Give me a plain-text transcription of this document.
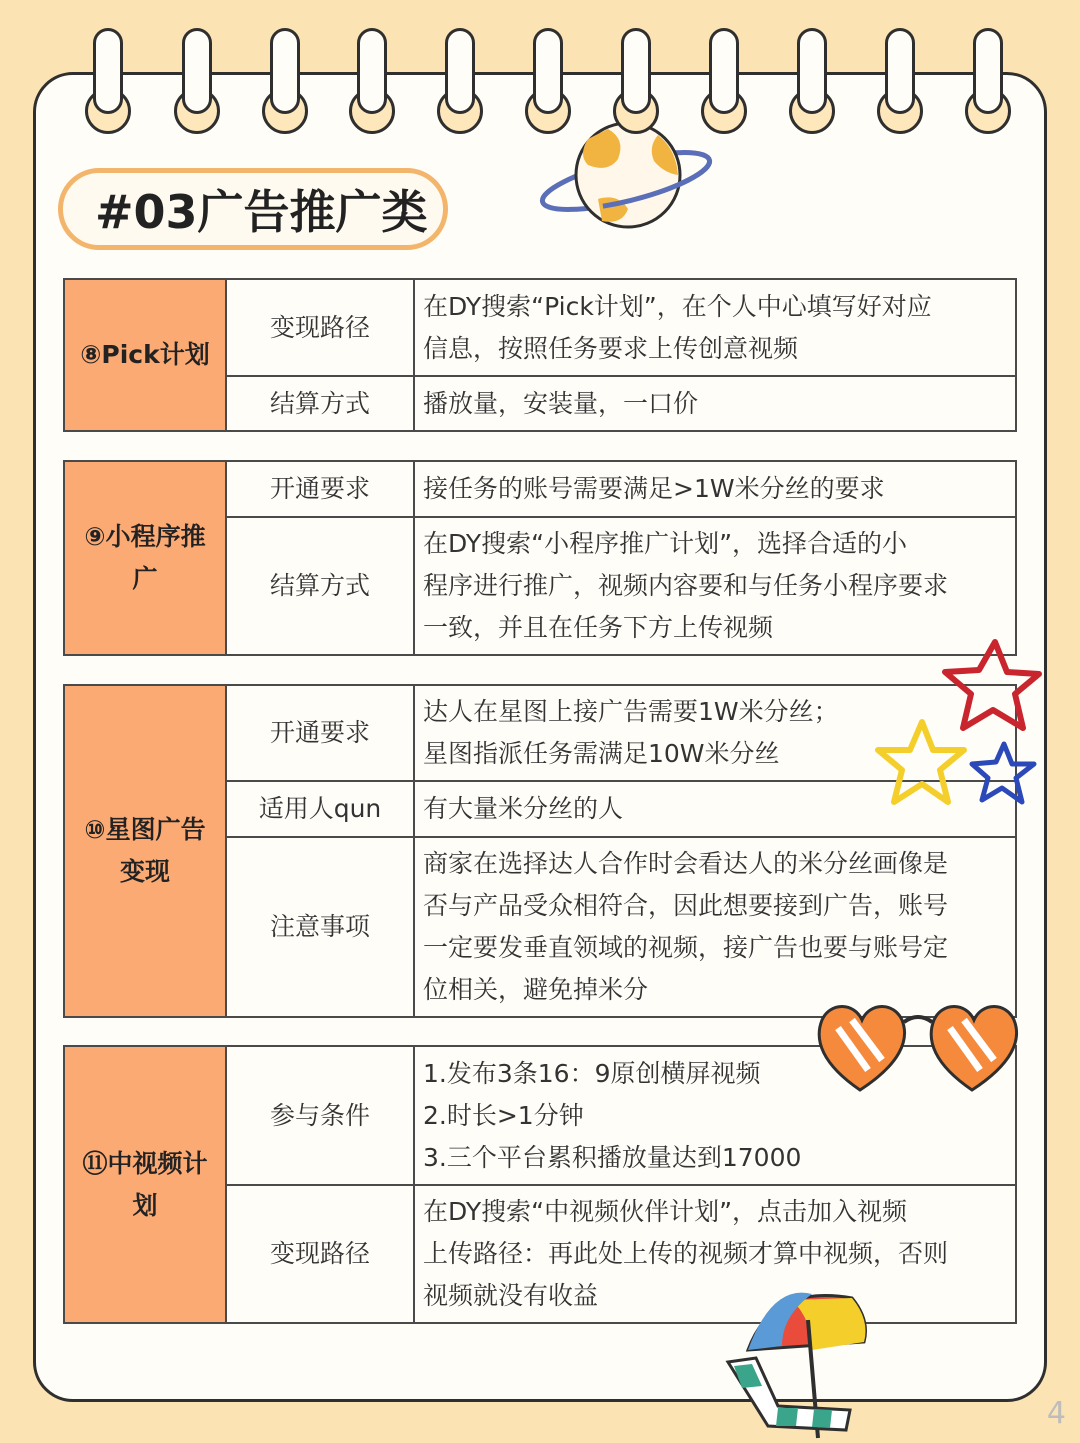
#03广告推广类
⑧Pick计划	变现路径	在DY搜索“Pick计划”，在个人中心填写好对应
信息，按照任务要求上传创意视频
	结算方式	播放量，安装量，一口价
⑨小程序推广	开通要求	接任务的账号需要满足>1W米分丝的要求
	结算方式	在DY搜索“小程序推广计划”，选择合适的小
程序进行推广，视频内容要和与任务小程序要求
一致，并且在任务下方上传视频
⑩星图广告变现	开通要求	达人在星图上接广告需要1W米分丝；
星图指派任务需满足10W米分丝
	适用人qun	有大量米分丝的人
	注意事项	商家在选择达人合作时会看达人的米分丝画像是
否与产品受众相符合，因此想要接到广告，账号
一定要发垂直领域的视频，接广告也要与账号定
位相关，避免掉米分
⑪中视频计划	参与条件	1.发布3条16：9原创横屏视频
2.时长>1分钟
3.三个平台累积播放量达到17000
	变现路径	在DY搜索“中视频伙伴计划”，点击加入视频
上传路径：再此处上传的视频才算中视频，否则
视频就没有收益
4
